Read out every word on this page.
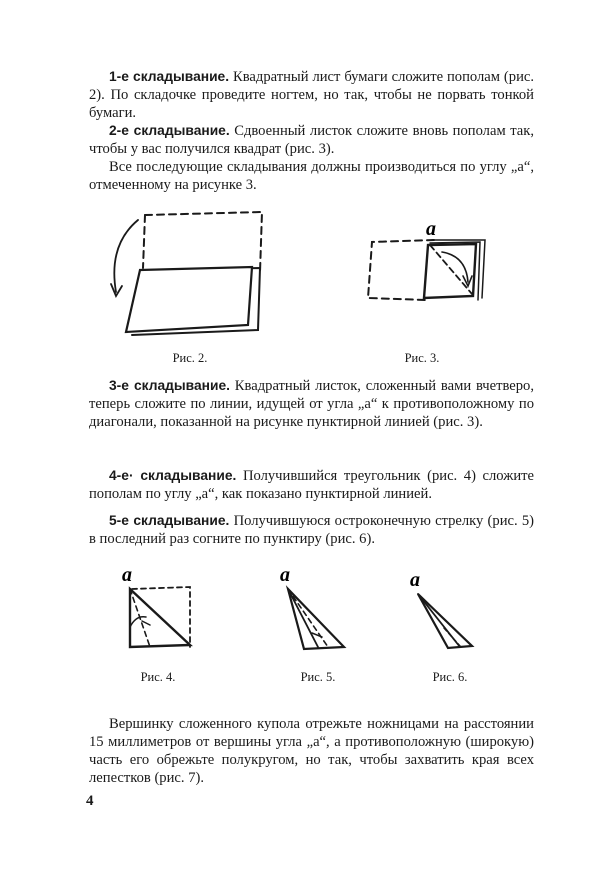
1-е складывание. Квадратный лист бумаги сложите пополам (рис. 2). По складочке проведите ногтем, но так, чтобы не порвать тонкой бумаги.

2-е складывание. Сдвоенный листок сложите вновь пополам так, чтобы у вас получился квадрат (рис. 3).

Все последующие складывания должны производиться по углу „а“, отмеченному на рисунке 3.

Рис. 2.
a
Рис. 3.

3-е складывание. Квадратный листок, сложенный вами вчетверо, теперь сложите по линии, идущей от угла „а“ к противоположному по диагонали, показанной на рисунке пунктирной линией (рис. 3).

4-е· складывание. Получившийся треугольник (рис. 4) сложите пополам по углу „а“, как показано пунктирной линией.

5-е складывание. Получившуюся остроконечную стрелку (рис. 5) в последний раз согните по пунктиру (рис. 6).

a
Рис. 4.
a
Рис. 5.
a
Рис. 6.

Вершинку сложенного купола отрежьте ножницами на расстоянии 15 миллиметров от вершины угла „а“, а противоположную (широкую) часть его обрежьте полукругом, но так, чтобы захватить края всех лепестков (рис. 7).

4
